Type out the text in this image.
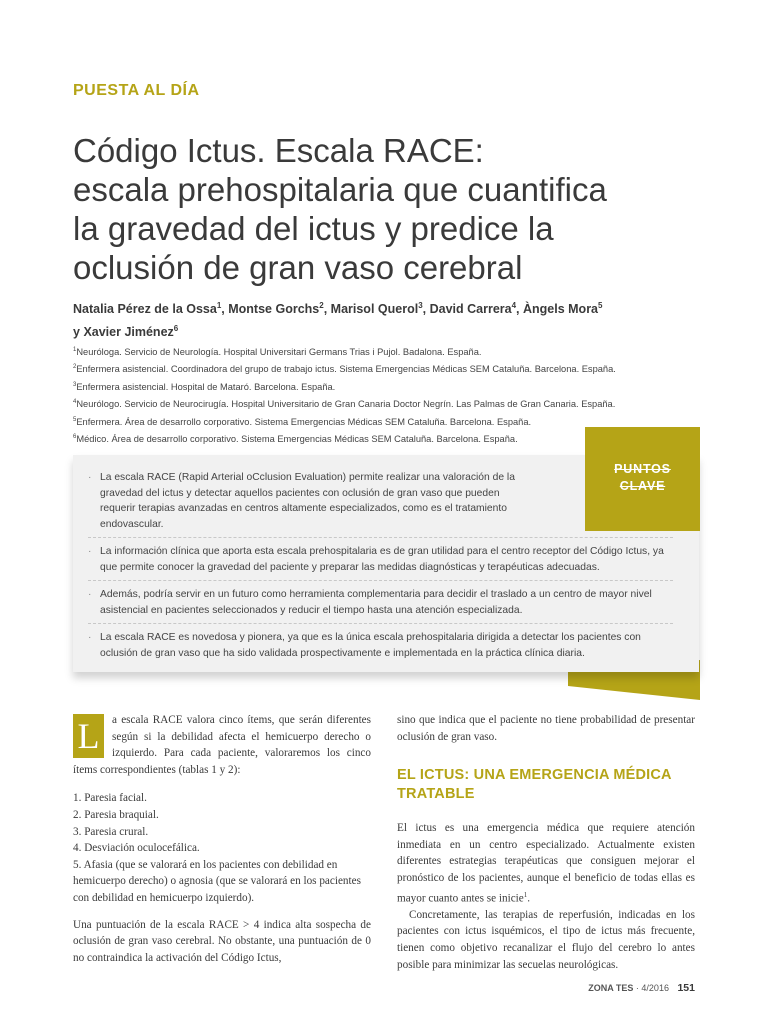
PUESTA AL DÍA
Código Ictus. Escala RACE:
escala prehospitalaria que cuantifica
la gravedad del ictus y predice la
oclusión de gran vaso cerebral
Natalia Pérez de la Ossa$^1$, Montse Gorchs$^2$, Marisol Querol$^3$, David Carrera$^4$, Àngels Mora$^5$
y Xavier Jiménez$^6$
$^1$Neuróloga. Servicio de Neurología. Hospital Universitari Germans Trias i Pujol. Badalona. España.
$^2$Enfermera asistencial. Coordinadora del grupo de trabajo ictus. Sistema Emergencias Médicas SEM Cataluña. Barcelona. España.
$^3$Enfermera asistencial. Hospital de Mataró. Barcelona. España.
$^4$Neurólogo. Servicio de Neurocirugía. Hospital Universitario de Gran Canaria Doctor Negrín. Las Palmas de Gran Canaria. España.
$^5$Enfermera. Área de desarrollo corporativo. Sistema Emergencias Médicas SEM Cataluña. Barcelona. España.
$^6$Médico. Área de desarrollo corporativo. Sistema Emergencias Médicas SEM Cataluña. Barcelona. España.
PUNTOS
CLAVE
· La escala RACE (Rapid Arterial oCclusion Evaluation) permite realizar una valoración de la gravedad del ictus y detectar aquellos pacientes con oclusión de gran vaso que pueden requerir terapias avanzadas en centros altamente especializados, como es el tratamiento endovascular.
· La información clínica que aporta esta escala prehospitalaria es de gran utilidad para el centro receptor del Código Ictus, ya que permite conocer la gravedad del paciente y preparar las medidas diagnósticas y terapéuticas adecuadas.
· Además, podría servir en un futuro como herramienta complementaria para decidir el traslado a un centro de mayor nivel asistencial en pacientes seleccionados y reducir el tiempo hasta una atención especializada.
· La escala RACE es novedosa y pionera, ya que es la única escala prehospitalaria dirigida a detectar los pacientes con oclusión de gran vaso que ha sido validada prospectivamente e implementada en la práctica clínica diaria.

L	a escala RACE valora cinco ítems, que serán diferentes según si la debilidad afecta el hemicuerpo derecho o izquierdo. Para cada paciente, valoraremos los cinco ítems correspondientes (tablas 1 y 2):

1. Paresia facial.
2. Paresia braquial.
3. Paresia crural.
4. Desviación oculocefálica.
5. Afasia (que se valorará en los pacientes con debilidad en hemicuerpo derecho) o agnosia (que se valorará en los pacientes con debilidad en hemicuerpo izquierdo).

Una puntuación de la escala RACE > 4 indica alta sospecha de oclusión de gran vaso cerebral. No obstante, una puntuación de 0 no contraindica la activación del Código Ictus,

sino que indica que el paciente no tiene probabilidad de presentar oclusión de gran vaso.

EL ICTUS: UNA EMERGENCIA MÉDICA TRATABLE

El ictus es una emergencia médica que requiere atención inmediata en un centro especializado. Actualmente existen diferentes estrategias terapéuticas que consiguen mejorar el pronóstico de los pacientes, aunque el beneficio de todas ellas es mayor cuanto antes se inicie$^1$.

Concretamente, las terapias de reperfusión, indicadas en los pacientes con ictus isquémicos, el tipo de ictus más frecuente, tienen como objetivo recanalizar el flujo del cerebro lo antes posible para minimizar las secuelas neurológicas.

ZONA TES · 4/2016 151
